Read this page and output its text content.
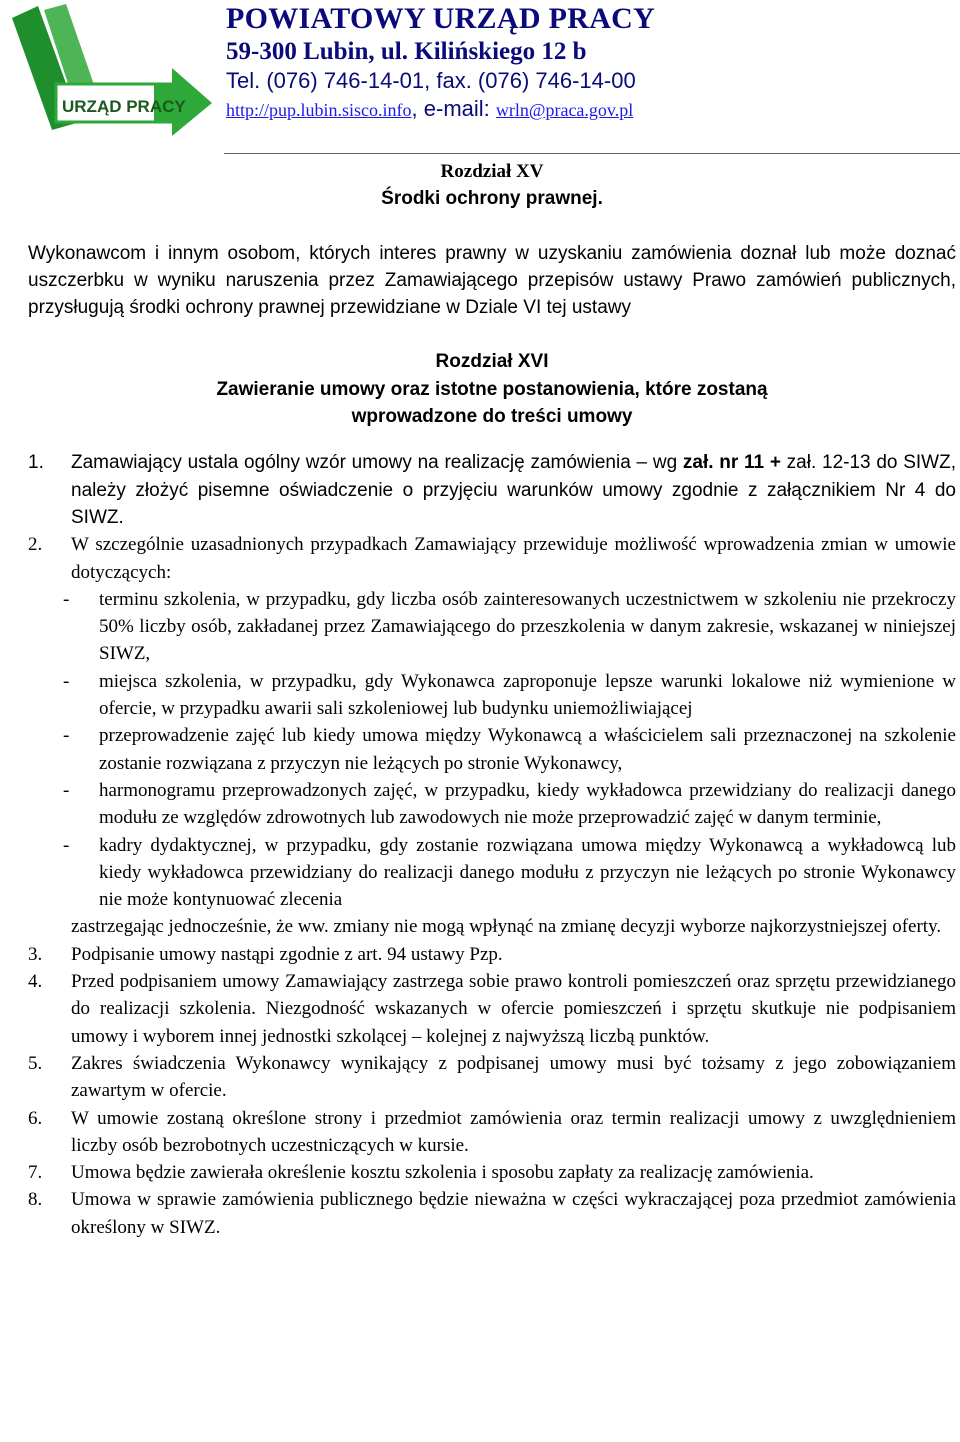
URZĄD PRACY
POWIATOWY URZĄD PRACY
59-300 Lubin, ul. Kilińskiego 12 b
Tel. (076) 746-14-01, fax. (076) 746-14-00
http://pup.lubin.sisco.info, e-mail: wrln@praca.gov.pl
Rozdział XV
Środki ochrony prawnej.
Wykonawcom i innym osobom, których interes prawny w uzyskaniu zamówienia doznał lub może doznać uszczerbku w wyniku naruszenia przez Zamawiającego przepisów ustawy Prawo zamówień publicznych, przysługują środki ochrony prawnej przewidziane w Dziale VI tej ustawy
Rozdział XVI
Zawieranie umowy oraz istotne postanowienia, które zostaną wprowadzone do treści umowy
1. Zamawiający ustala ogólny wzór umowy na realizację zamówienia – wg zał. nr 11 + zał. 12-13 do SIWZ, należy złożyć pisemne oświadczenie o przyjęciu warunków umowy zgodnie z załącznikiem Nr 4 do SIWZ.
2. W szczególnie uzasadnionych przypadkach Zamawiający przewiduje możliwość wprowadzenia zmian w umowie dotyczących:
- terminu szkolenia, w przypadku, gdy liczba osób zainteresowanych uczestnictwem w szkoleniu nie przekroczy 50% liczby osób, zakładanej przez Zamawiającego do przeszkolenia w danym zakresie, wskazanej w niniejszej SIWZ,
- miejsca szkolenia, w przypadku, gdy Wykonawca zaproponuje lepsze warunki lokalowe niż wymienione w ofercie, w przypadku awarii sali szkoleniowej lub budynku uniemożliwiającej
- przeprowadzenie zajęć lub kiedy umowa między Wykonawcą a właścicielem sali przeznaczonej na szkolenie zostanie rozwiązana z przyczyn nie leżących po stronie Wykonawcy,
- harmonogramu przeprowadzonych zajęć, w przypadku, kiedy wykładowca przewidziany do realizacji danego modułu ze względów zdrowotnych lub zawodowych nie może przeprowadzić zajęć w danym terminie,
- kadry dydaktycznej, w przypadku, gdy zostanie rozwiązana umowa między Wykonawcą a wykładowcą lub kiedy wykładowca przewidziany do realizacji danego modułu z przyczyn nie leżących po stronie Wykonawcy nie może kontynuować zlecenia
zastrzegając jednocześnie, że ww. zmiany nie mogą wpłynąć na zmianę decyzji wyborze najkorzystniejszej oferty.
3. Podpisanie umowy nastąpi zgodnie z art. 94 ustawy Pzp.
4. Przed podpisaniem umowy Zamawiający zastrzega sobie prawo kontroli pomieszczeń oraz sprzętu przewidzianego do realizacji szkolenia. Niezgodność wskazanych w ofercie pomieszczeń i sprzętu skutkuje nie podpisaniem umowy i wyborem innej jednostki szkolącej – kolejnej z najwyższą liczbą punktów.
5. Zakres świadczenia Wykonawcy wynikający z podpisanej umowy musi być tożsamy z jego zobowiązaniem zawartym w ofercie.
6. W umowie zostaną określone strony i przedmiot zamówienia oraz termin realizacji umowy z uwzględnieniem liczby osób bezrobotnych uczestniczących w kursie.
7. Umowa będzie zawierała określenie kosztu szkolenia i sposobu zapłaty za realizację zamówienia.
8. Umowa w sprawie zamówienia publicznego będzie nieważna w części wykraczającej poza przedmiot zamówienia określony w SIWZ.
